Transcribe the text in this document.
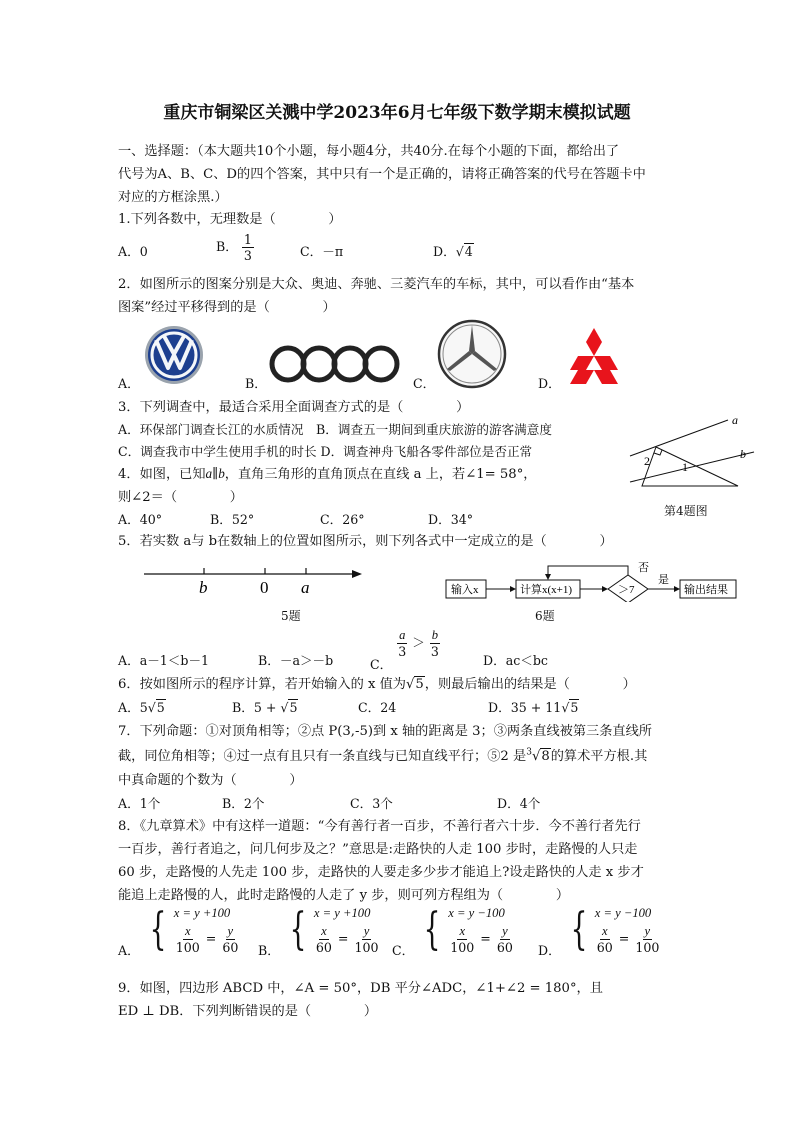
重庆市铜梁区关溅中学2023年6月七年级下数学期末模拟试题
一、选择题：（本大题共10个小题，每小题4分，共40分.在每个小题的下面，都给出了
代号为A、B、C、D的四个答案，其中只有一个是正确的，请将正确答案的代号在答题卡中
对应的方框涂黑.）
1.下列各数中，无理数是（　　　　）
A．0	B． $\frac{1}{3}$	C．－π	D．√4
2．如图所示的图案分别是大众、奥迪、奔驰、三菱汽车的车标，其中，可以看作由“基本
图案”经过平移得到的是（　　　　）
A．	B．	C．	D．
3．下列调查中，最适合采用全面调查方式的是（　　　　）
A．环保部门调查长江的水质情况　B．调查五一期间到重庆旅游的游客满意度
C．调查我市中学生使用手机的时长 D．调查神舟飞船各零件部位是否正常
a
b
2	1
4．如图，已知a∥b，直角三角形的直角顶点在直线 a 上，若∠1= 58°，
则∠2＝（　　　　）
第4题图
A．40°	B．52°	C．26°	D．34°
5．若实数 a与 b在数轴上的位置如图所示，则下列各式中一定成立的是（　　　　）
b	0 a
5题
输入x	计算x(x+1)	＞7
否
是
输出结果
6题
A．a－1＜b－1	B．－a＞－b	C．
$\frac{a}{3} > \frac{b}{3}$
D．ac＜bc
6．按如图所示的程序计算，若开始输入的 x 值为√5，则最后输出的结果是（　　　　）
A．5√5	B．5 + √5	C．24	D．35 + 11√5
7．下列命题：①对顶角相等；②点 P(3,-5)到 x 轴的距离是 3；③两条直线被第三条直线所
截，同位角相等；④过一点有且只有一条直线与已知直线平行；⑤2 是$^3$√8的算术平方根.其
中真命题的个数为（　　　　）
A．1个	B．2个	C．3个	D．4个
8．《九章算术》中有这样一道题：“今有善行者一百步，不善行者六十步．今不善行者先行
一百步，善行者追之，问几何步及之？”意思是:走路快的人走 100 步时，走路慢的人只走
60 步，走路慢的人先走 100 步，走路快的人要走多少步才能追上?设走路快的人走 x 步才
能追上走路慢的人，此时走路慢的人走了 y 步，则可列方程组为（　　　　）
A． { x = y +100
$\frac{x}{100} = \frac{y}{60}$ B． { x = y +100
$\frac{x}{60} = \frac{y}{100}$ C． { x = y −100
$\frac{x}{100} = \frac{y}{60}$ D． { x = y −100
$\frac{x}{60} = \frac{y}{100}$
9．如图，四边形 ABCD 中，∠A = 50°，DB 平分∠ADC，∠1+∠2 = 180°，且
ED ⊥ DB．下列判断错误的是（　　　　）
